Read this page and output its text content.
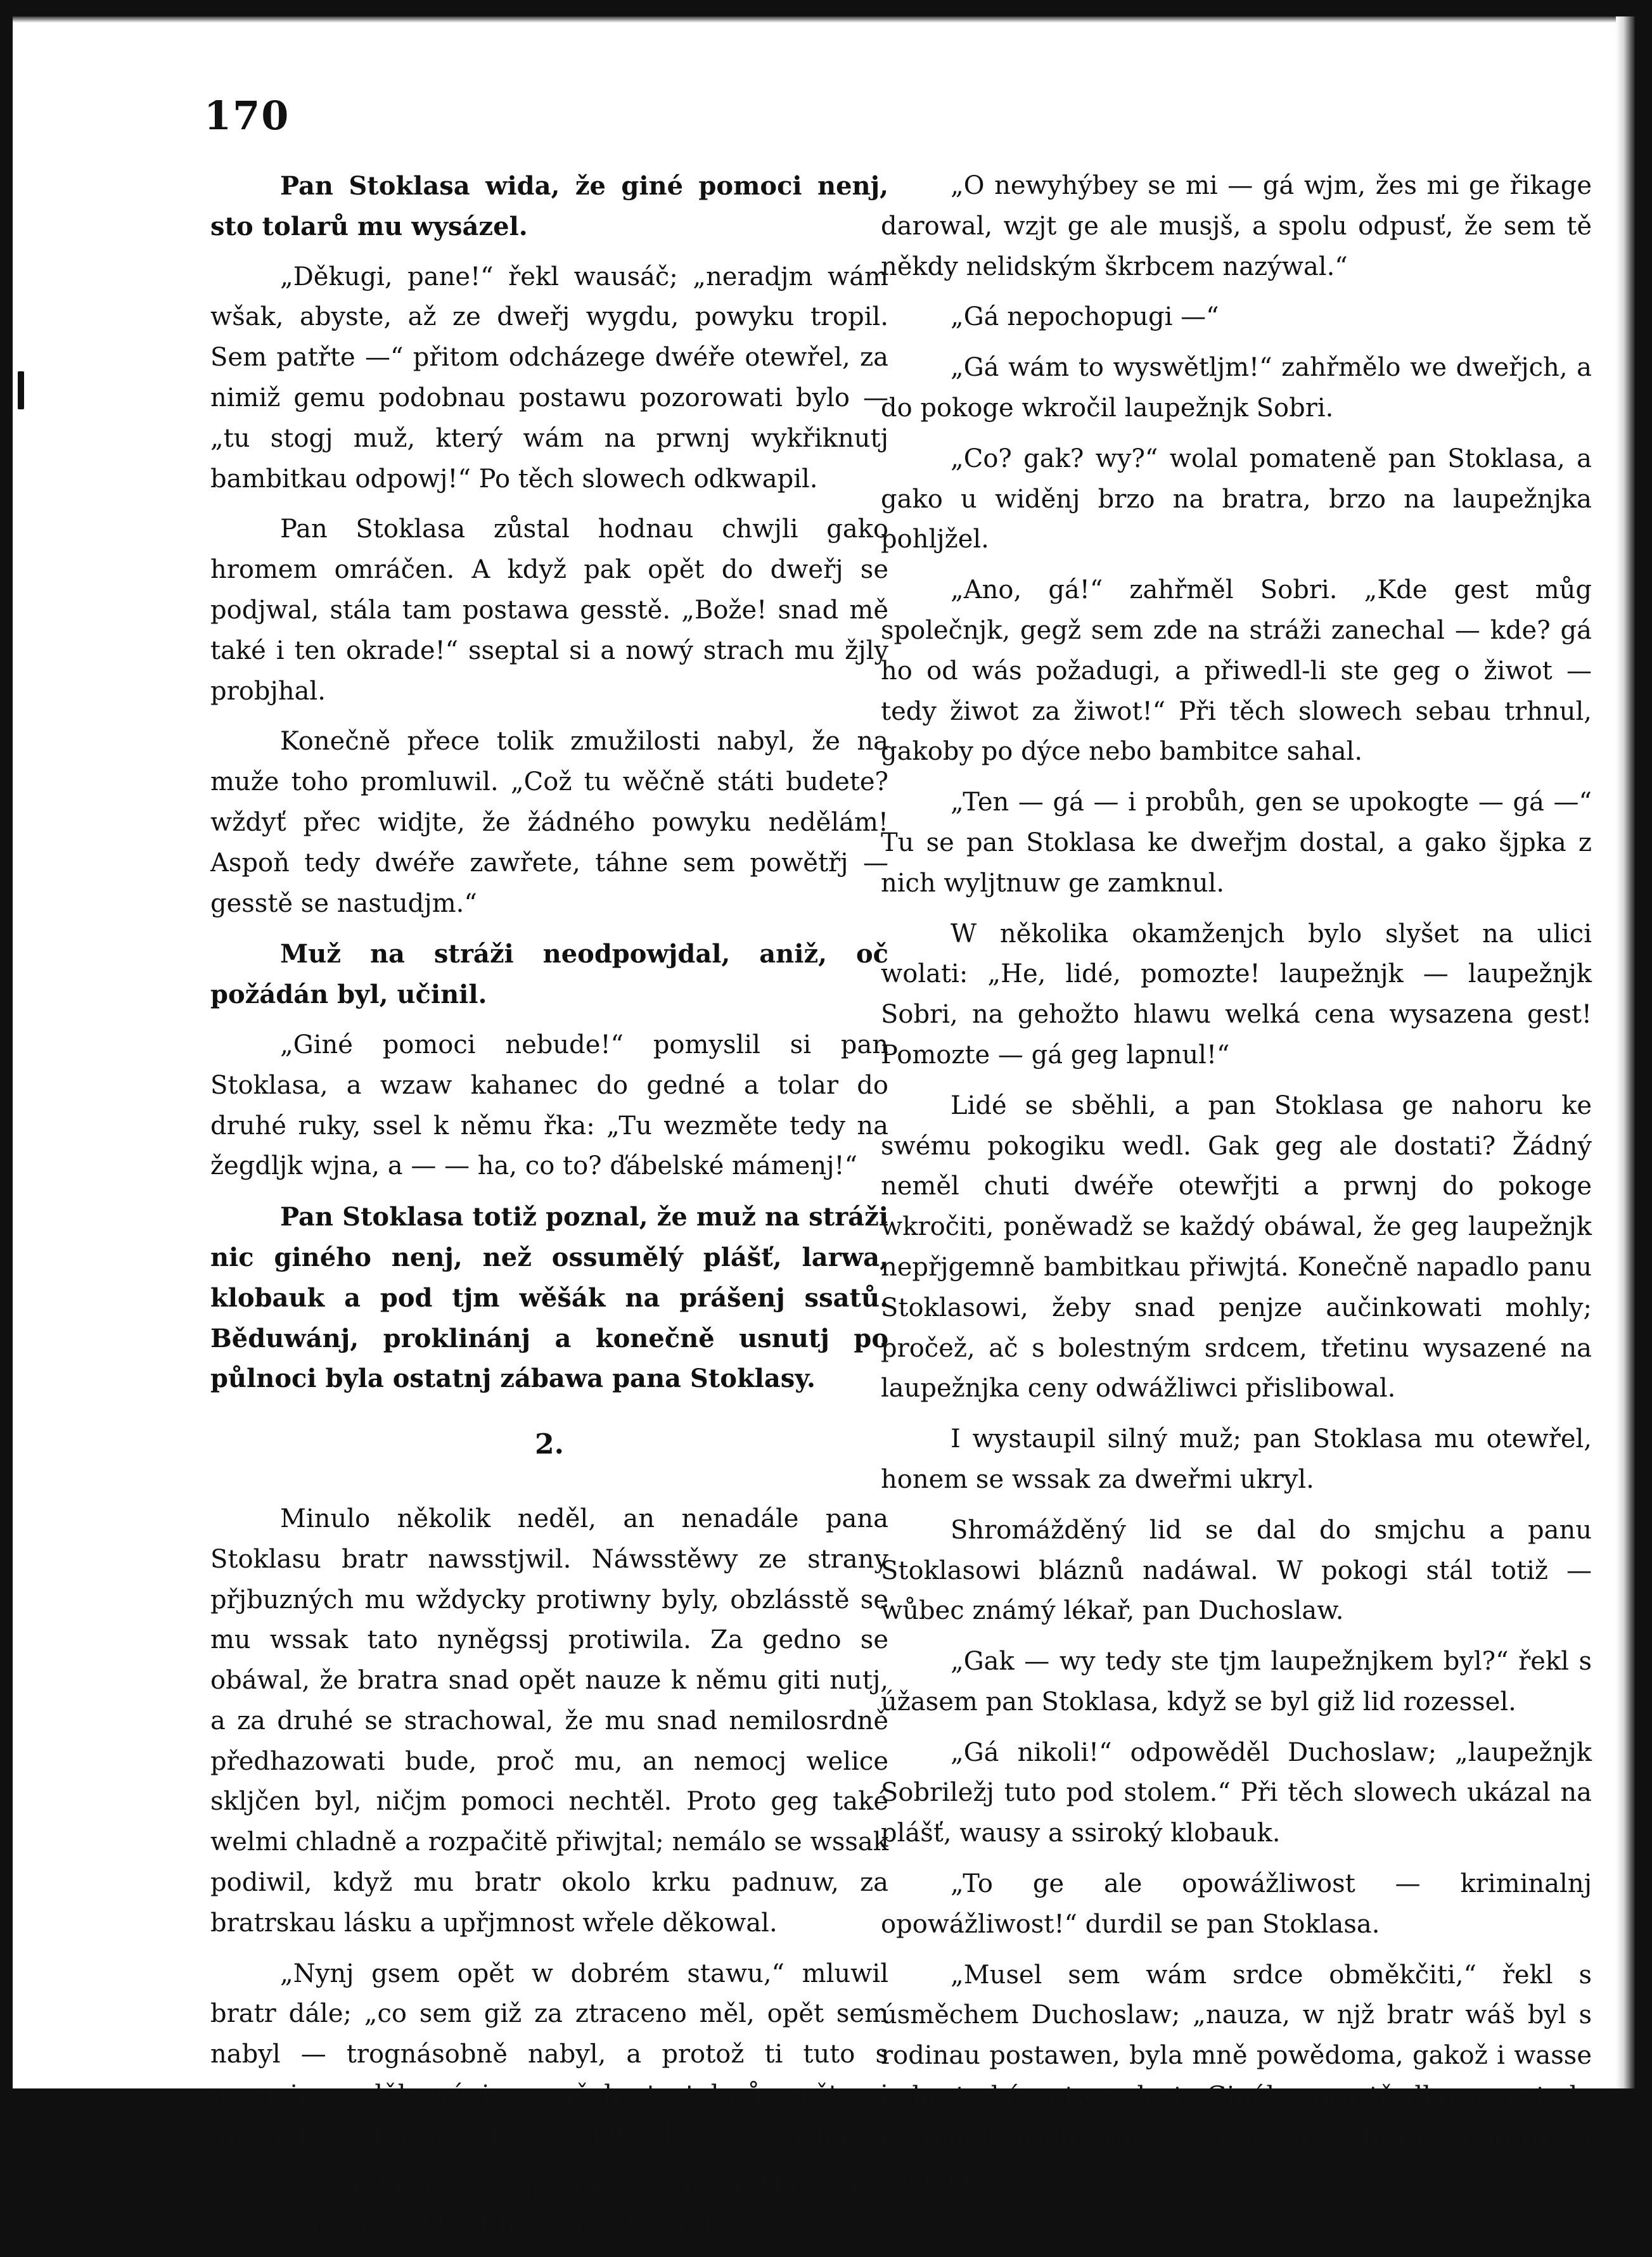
170

Pan Stoklasa wida, že giné pomoci nenj, sto tolarů mu wysázel.

„Děkugi, pane!“ řekl wausáč; „neradjm wám wšak, abyste, až ze dweřj wygdu, powyku tropil. Sem patřte —“ přitom odcházege dwéře otewřel, za nimiž gemu podobnau postawu pozorowati bylo — „tu stogj muž, který wám na prwnj wykřiknutj bambitkau odpowj!“ Po těch slowech odkwapil.

Pan Stoklasa zůstal hodnau chwjli gako hromem omráčen. A když pak opět do dweřj se podjwal, stála tam postawa gesstě. „Bože! snad mě také i ten okrade!“ sseptal si a nowý strach mu žjly probjhal.

Konečně přece tolik zmužilosti nabyl, že na muže toho promluwil. „Což tu wěčně státi budete? wždyť přec widjte, že žádného powyku nedělám! Aspoň tedy dwéře zawřete, táhne sem powětřj — gesstě se nastudjm.“

Muž na stráži neodpowjdal, aniž, oč požádán byl, učinil.

„Giné pomoci nebude!“ pomyslil si pan Stoklasa, a wzaw kahanec do gedné a tolar do druhé ruky, ssel k němu řka: „Tu wezměte tedy na žegdljk wjna, a — — ha, co to? ďábelské mámenj!“

Pan Stoklasa totiž poznal, že muž na stráži nic giného nenj, než ossumělý plášť, larwa, klobauk a pod tjm wěšák na prášenj ssatů. Běduwánj, proklinánj a konečně usnutj po půlnoci byla ostatnj zábawa pana Stoklasy.

2.

Minulo několik neděl, an nenadále pana Stoklasu bratr nawsstjwil. Náwsstěwy ze strany přjbuzných mu wždycky protiwny byly, obzlásstě se mu wssak tato nyněgssj protiwila. Za gedno se obáwal, že bratra snad opět nauze k němu giti nutj, a za druhé se strachowal, že mu snad nemilosrdně předhazowati bude, proč mu, an nemocj welice skljčen byl, ničjm pomoci nechtěl. Proto geg také welmi chladně a rozpačitě přiwjtal; nemálo se wssak podiwil, když mu bratr okolo krku padnuw, za bratrskau lásku a upřjmnost wřele děkowal.

„Nynj gsem opět w dobrém stawu,“ mluwil bratr dále; „co sem giž za ztraceno měl, opět sem nabyl — trognásobně nabyl, a protož ti tuto s wraucjm poděkowánjm onněch sto tolarů, gežto si mi onehdy z bratrské lásky zapůgčil, opět wracjm.“

„Sto tolarů —?“ opětowal pan Stoklasa a s podiwenjm několikrát hlawau zakrautil.

„O newyhýbey se mi — gá wjm, žes mi ge řikage darowal, wzjt ge ale musjš, a spolu odpusť, že sem tě někdy nelidským škrbcem nazýwal.“

„Gá nepochopugi —“

„Gá wám to wyswětljm!“ zahřmělo we dweřjch, a do pokoge wkročil laupežnjk Sobri.

„Co? gak? wy?“ wolal pomateně pan Stoklasa, a gako u widěnj brzo na bratra, brzo na laupežnjka pohljžel.

„Ano, gá!“ zahřměl Sobri. „Kde gest můg společnjk, gegž sem zde na stráži zanechal — kde? gá ho od wás požadugi, a přiwedl-li ste geg o žiwot — tedy žiwot za žiwot!“ Při těch slowech sebau trhnul, gakoby po dýce nebo bambitce sahal.

„Ten — gá — i probůh, gen se upokogte — gá —“ Tu se pan Stoklasa ke dweřjm dostal, a gako šjpka z nich wyljtnuw ge zamknul.

W několika okamženjch bylo slyšet na ulici wolati: „He, lidé, pomozte! laupežnjk — laupežnjk Sobri, na gehožto hlawu welká cena wysazena gest! Pomozte — gá geg lapnul!“

Lidé se sběhli, a pan Stoklasa ge nahoru ke swému pokogiku wedl. Gak geg ale dostati? Žádný neměl chuti dwéře otewřjti a prwnj do pokoge wkročiti, poněwadž se každý obáwal, že geg laupežnjk nepřjgemně bambitkau přiwjtá. Konečně napadlo panu Stoklasowi, žeby snad penjze aučinkowati mohly; pročež, ač s bolestným srdcem, třetinu wysazené na laupežnjka ceny odwážliwci přislibowal.

I wystaupil silný muž; pan Stoklasa mu otewřel, honem se wssak za dweřmi ukryl.

Shromážděný lid se dal do smjchu a panu Stoklasowi bláznů nadáwal. W pokogi stál totiž — wůbec známý lékař, pan Duchoslaw.

„Gak — wy tedy ste tjm laupežnjkem byl?“ řekl s úžasem pan Stoklasa, když se byl giž lid rozessel.

„Gá nikoli!“ odpowěděl Duchoslaw; „laupežnjk Sobriležj tuto pod stolem.“ Při těch slowech ukázal na plášť, wausy a ssiroký klobauk.

„To ge ale opowážliwost — kriminalnj opowážliwost!“ durdil se pan Stoklasa.

„Musel sem wám srdce obměkčiti,“ řekl s úsměchem Duchoslaw; „nauza, w njž bratr wáš byl s rodinau postawen, byla mně powědoma, gakož i wasse nebratrská zatwrzelost. Giného prostředku sem tedy newěděl, bych wás w člowěka a bratra obrátil. S Bohem, pane!“
